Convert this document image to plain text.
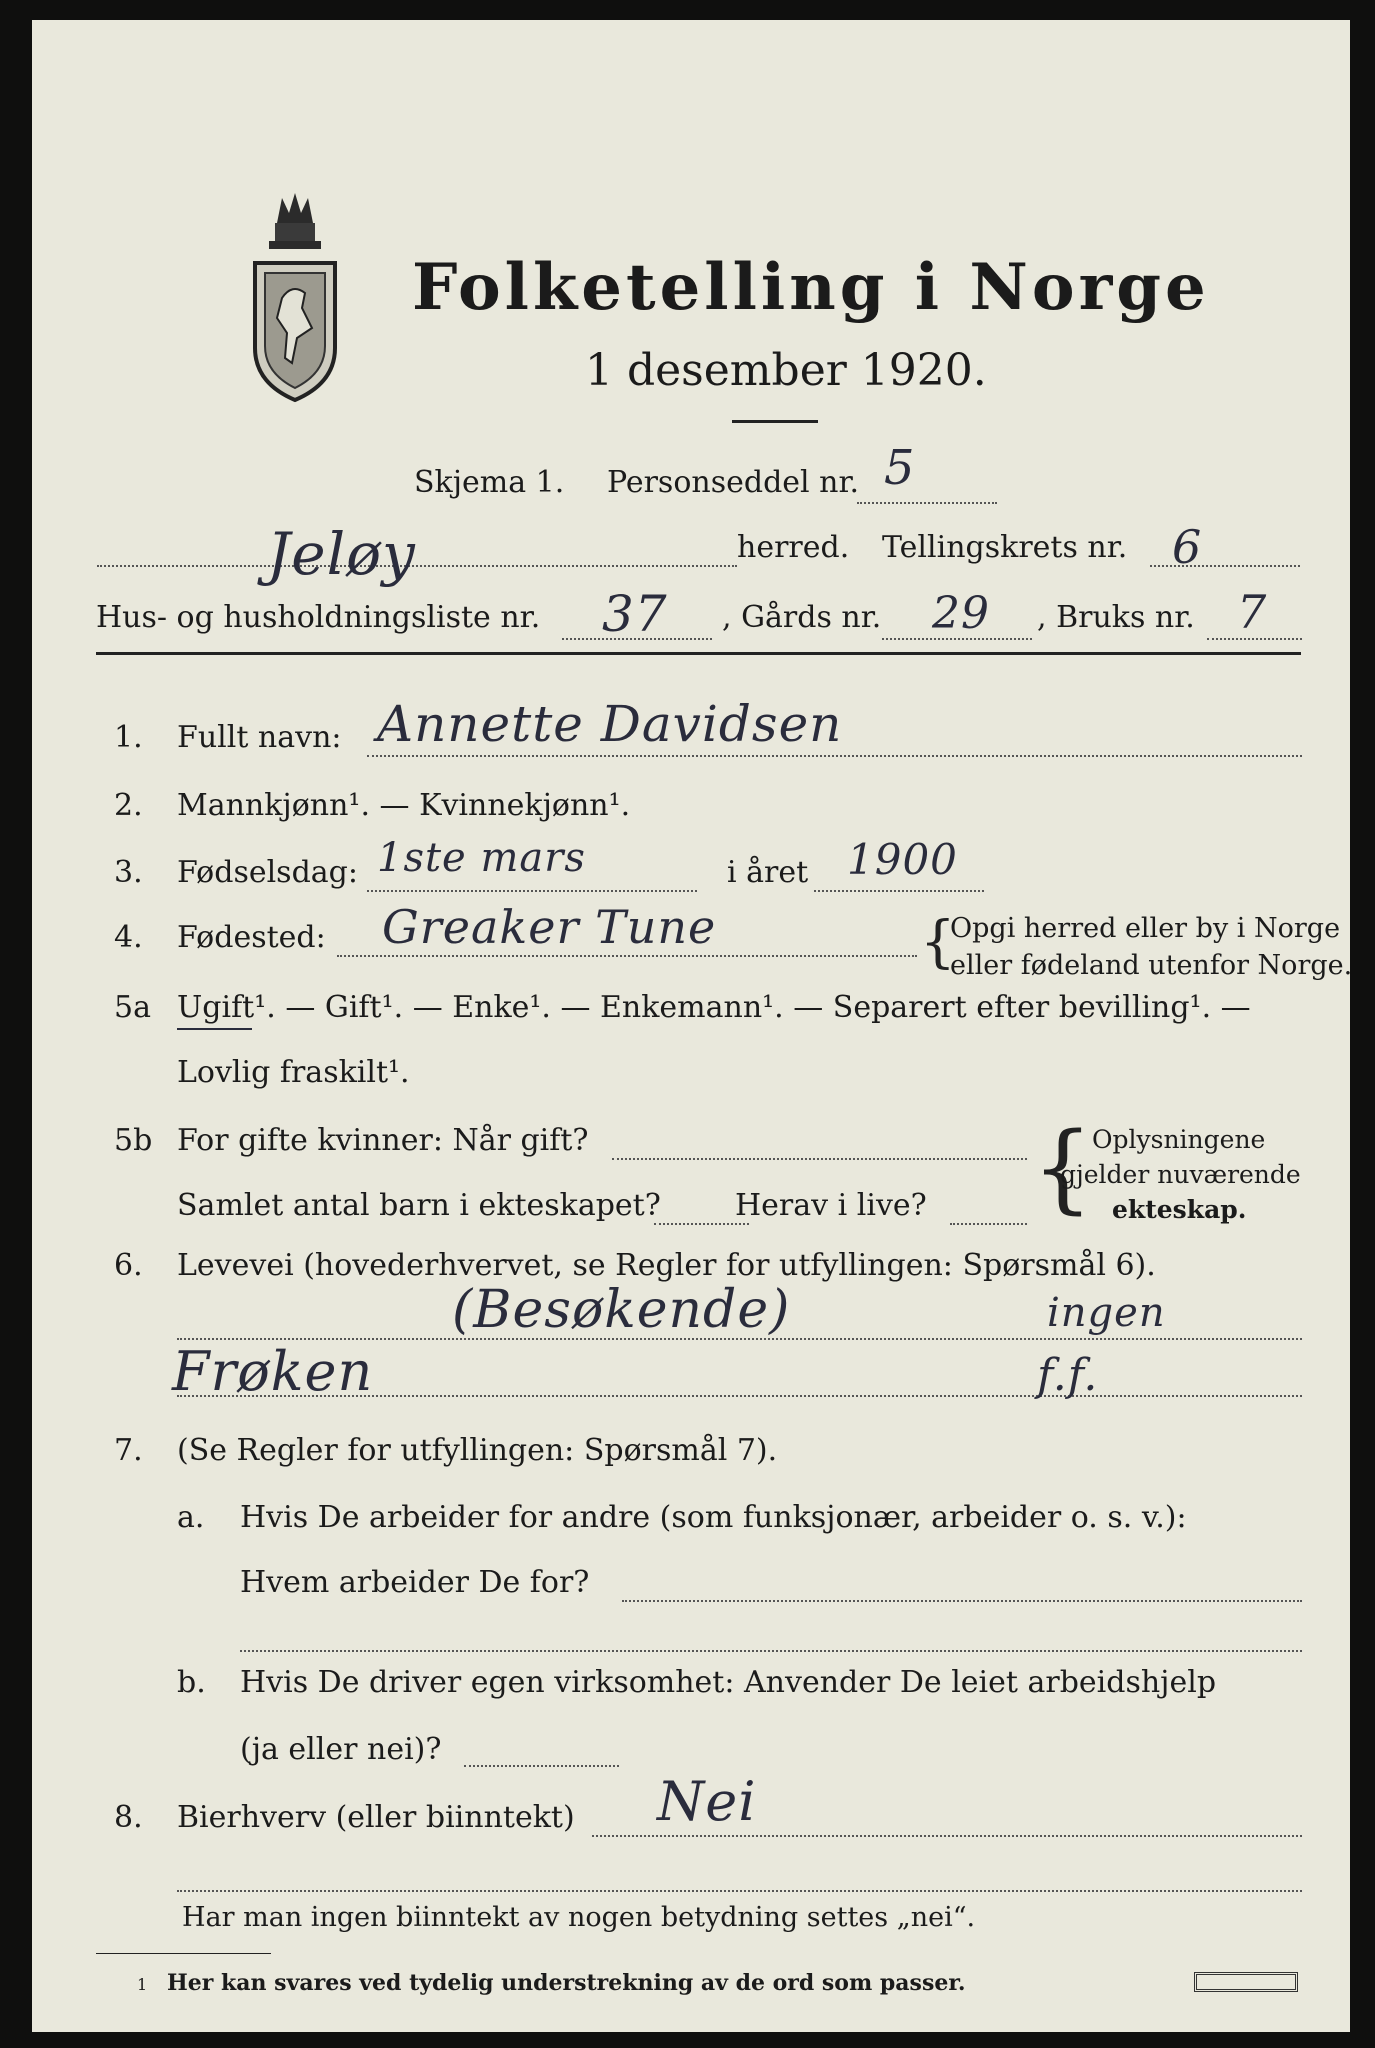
Folketelling i Norge
1 desember 1920.
Skjema 1. Personseddel nr. 5
Jeløy	herred. Tellingskrets nr. 6
Hus- og husholdningsliste nr. 37 , Gårds nr. 29 , Bruks nr. 7
1. Fullt navn: Annette Davidsen
2. Mannkjønn¹. — Kvinnekjønn¹.
3. Fødselsdag: 1ste mars	i året 1900
4. Fødested: Greaker Tune	{
Opgi herred eller by i Norge
eller fødeland utenfor Norge.
5a Ugift¹. — Gift¹. — Enke¹. — Enkemann¹. — Separert efter bevilling¹. —
Lovlig fraskilt¹.
5b For gifte kvinner: Når gift?
Samlet antal barn i ekteskapet? Herav i live? {
Oplysningene
gjelder nuværende
ekteskap.
6. Levevei (hovederhvervet, se Regler for utfyllingen: Spørsmål 6).
(Besøkende)	ingen
Frøken	f.f.
7. (Se Regler for utfyllingen: Spørsmål 7).
a. Hvis De arbeider for andre (som funksjonær, arbeider o. s. v.):
Hvem arbeider De for?
b. Hvis De driver egen virksomhet: Anvender De leiet arbeidshjelp
(ja eller nei)?
8. Bierhverv (eller biinntekt) Nei
Har man ingen biinntekt av nogen betydning settes „nei“.
1 Her kan svares ved tydelig understrekning av de ord som passer.
